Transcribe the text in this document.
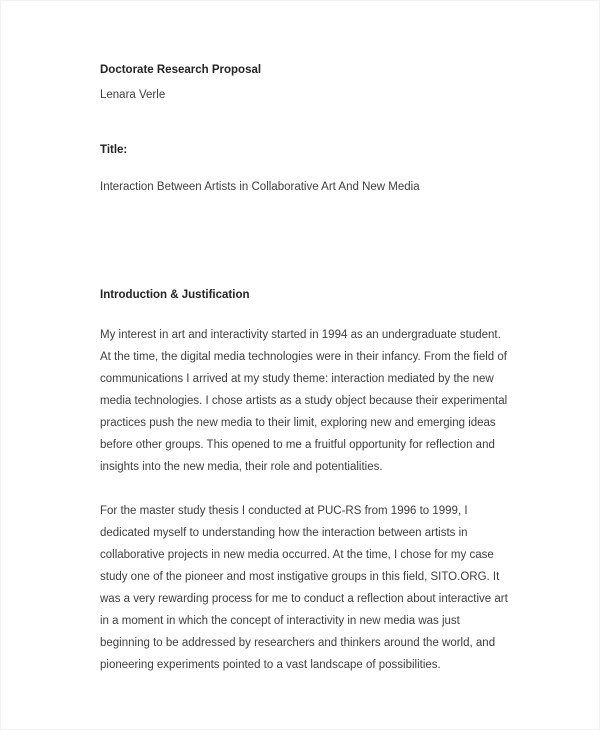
Doctorate Research Proposal

Lenara Verle

Title:

Interaction Between Artists in Collaborative Art And New Media

Introduction & Justification

My interest in art and interactivity started in 1994 as an undergraduate student. At the time, the digital media technologies were in their infancy. From the field of communications I arrived at my study theme: interaction mediated by the new media technologies. I chose artists as a study object because their experimental practices push the new media to their limit, exploring new and emerging ideas before other groups. This opened to me a fruitful opportunity for reflection and insights into the new media, their role and potentialities.

For the master study thesis I conducted at PUC-RS from 1996 to 1999, I dedicated myself to understanding how the interaction between artists in collaborative projects in new media occurred. At the time, I chose for my case study one of the pioneer and most instigative groups in this field, SITO.ORG. It was a very rewarding process for me to conduct a reflection about interactive art in a moment in which the concept of interactivity in new media was just beginning to be addressed by researchers and thinkers around the world, and pioneering experiments pointed to a vast landscape of possibilities.
